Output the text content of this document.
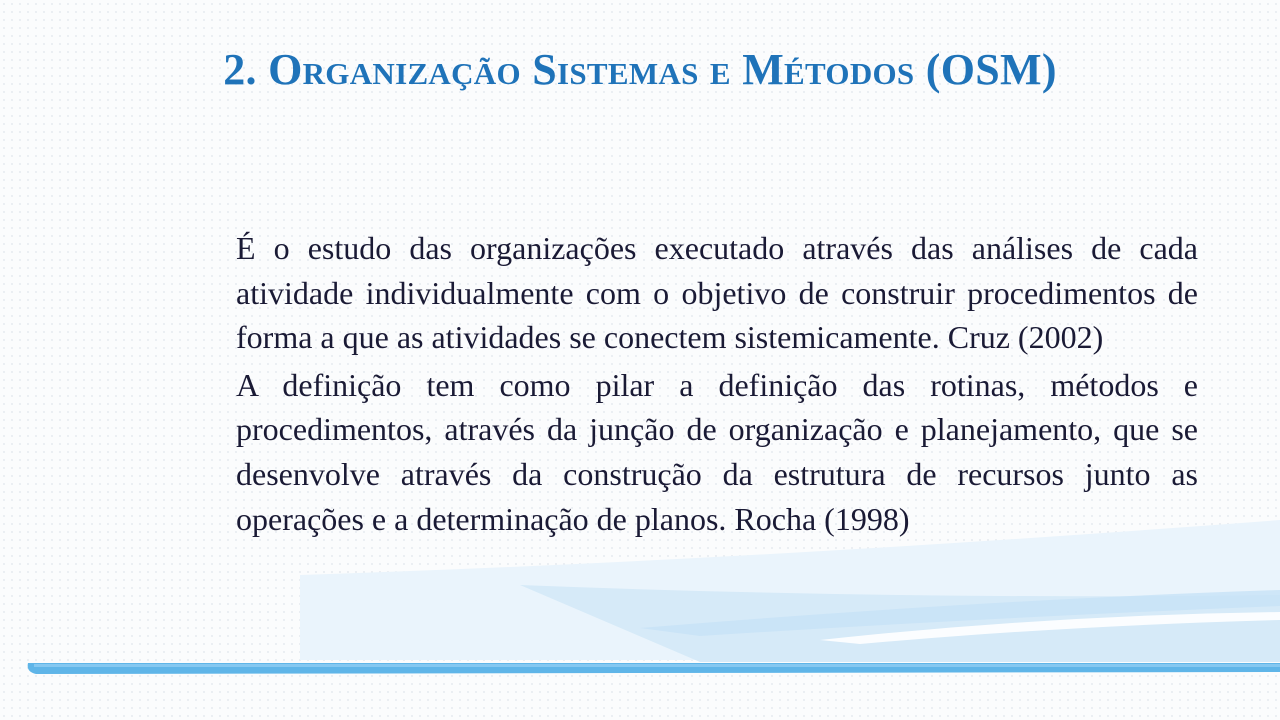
2. Organização Sistemas e Métodos (OSM)

É o estudo das organizações executado através das análises de cada atividade individualmente com o objetivo de construir procedimentos de forma a que as atividades se conectem sistemicamente. Cruz (2002)

A definição tem como pilar a definição das rotinas, métodos e procedimentos, através da junção de organização e planejamento, que se desenvolve através da construção da estrutura de recursos junto as operações e a determinação de planos. Rocha (1998)
